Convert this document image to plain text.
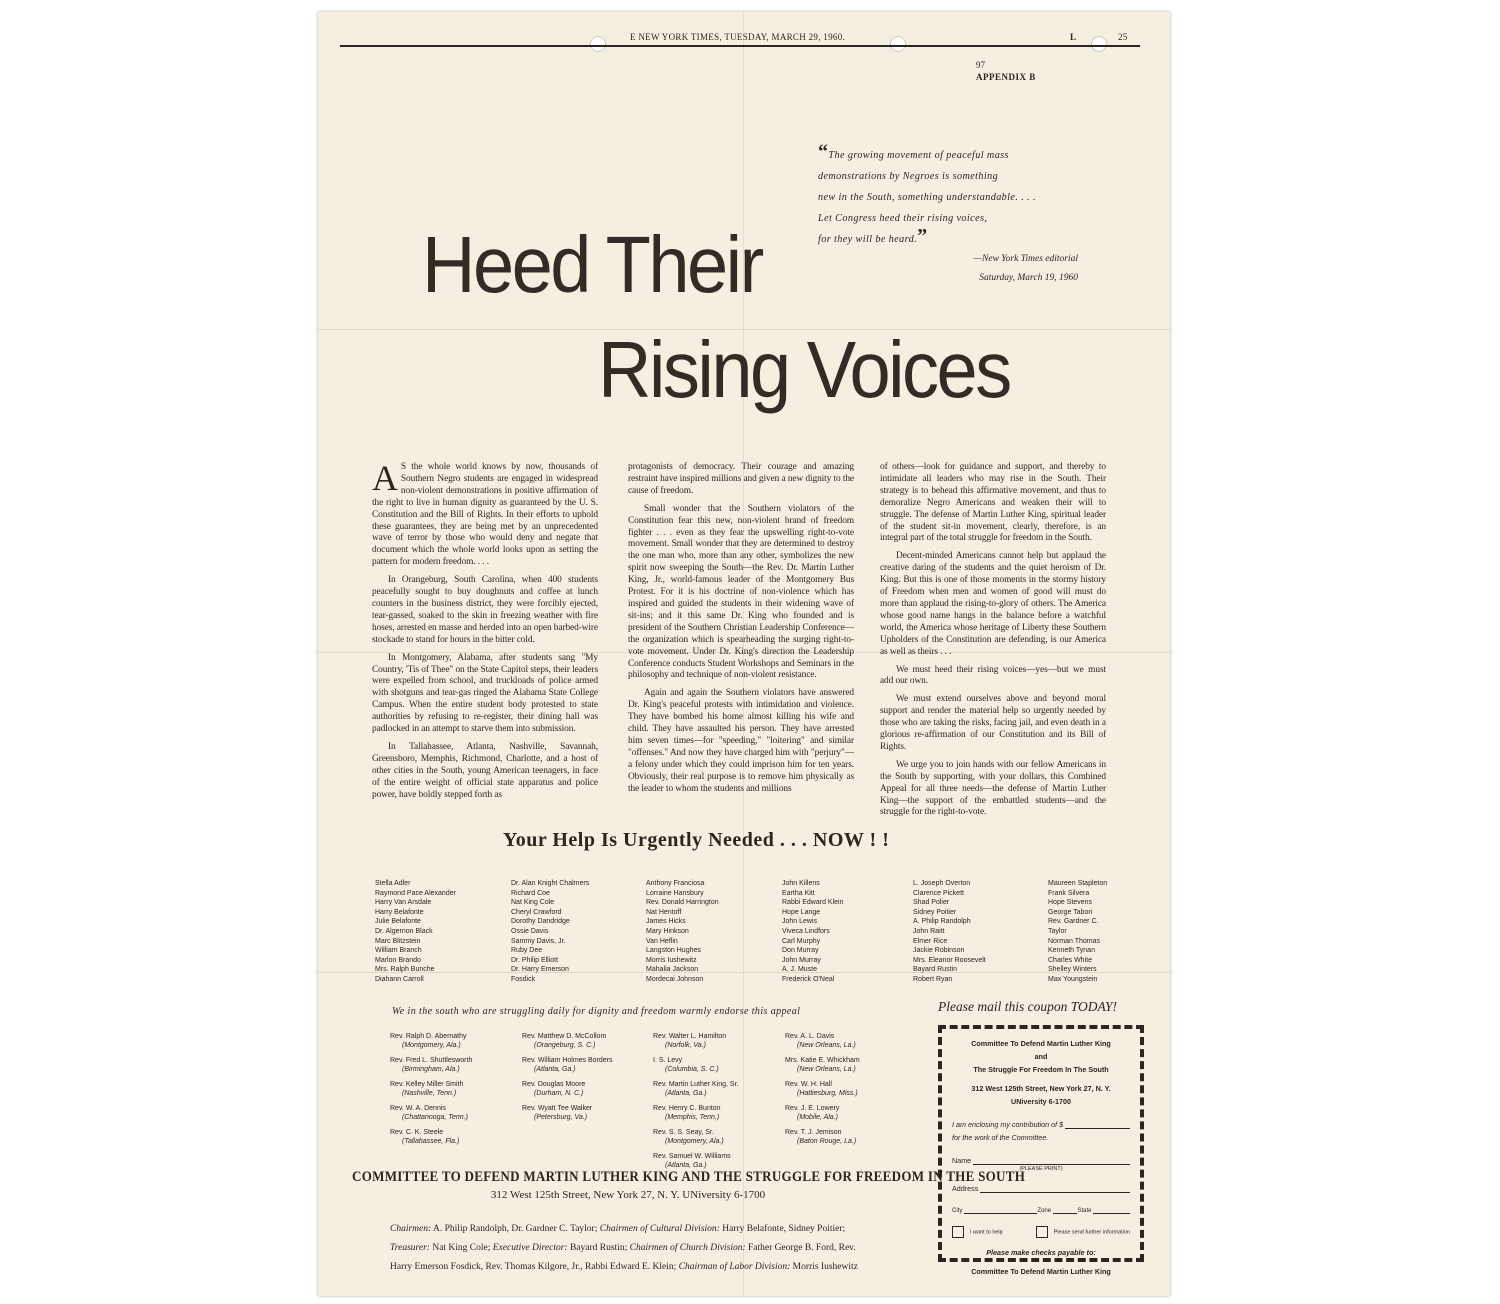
E NEW YORK TIMES, TUESDAY, MARCH 29, 1960.	L	25
97
APPENDIX B
“The growing movement of peaceful mass
demonstrations by Negroes is something
new in the South, something understandable. . . .
Let Congress heed their rising voices,
for they will be heard.”
—New York Times editorial
Saturday, March 19, 1960
Heed Their
Rising Voices

A S the whole world knows by now, thousands of Southern Negro students are engaged in widespread non-violent demonstrations in positive affirmation of the right to live in human dignity as guaranteed by the U. S. Constitution and the Bill of Rights. In their efforts to uphold these guarantees, they are being met by an unprecedented wave of terror by those who would deny and negate that document which the whole world looks upon as setting the pattern for modern freedom. . . .

In Orangeburg, South Carolina, when 400 students peacefully sought to buy doughnuts and coffee at lunch counters in the business district, they were forcibly ejected, tear-gassed, soaked to the skin in freezing weather with fire hoses, arrested en masse and herded into an open barbed-wire stockade to stand for hours in the bitter cold.

In Montgomery, Alabama, after students sang "My Country, 'Tis of Thee" on the State Capitol steps, their leaders were expelled from school, and truckloads of police armed with shotguns and tear-gas ringed the Alabama State College Campus. When the entire student body protested to state authorities by refusing to re-register, their dining hall was padlocked in an attempt to starve them into submission.

In Tallahassee, Atlanta, Nashville, Savannah, Greensboro, Memphis, Richmond, Charlotte, and a host of other cities in the South, young American teenagers, in face of the entire weight of official state apparatus and police power, have boldly stepped forth as

protagonists of democracy. Their courage and amazing restraint have inspired millions and given a new dignity to the cause of freedom.

Small wonder that the Southern violators of the Constitution fear this new, non-violent brand of freedom fighter . . . even as they fear the upswelling right-to-vote movement. Small wonder that they are determined to destroy the one man who, more than any other, symbolizes the new spirit now sweeping the South—the Rev. Dr. Martin Luther King, Jr., world-famous leader of the Montgomery Bus Protest. For it is his doctrine of non-violence which has inspired and guided the students in their widening wave of sit-ins; and it this same Dr. King who founded and is president of the Southern Christian Leadership Conference—the organization which is spearheading the surging right-to-vote movement. Under Dr. King's direction the Leadership Conference conducts Student Workshops and Seminars in the philosophy and technique of non-violent resistance.

Again and again the Southern violators have answered Dr. King's peaceful protests with intimidation and violence. They have bombed his home almost killing his wife and child. They have assaulted his person. They have arrested him seven times—for "speeding," "loitering" and similar "offenses." And now they have charged him with "perjury"—a felony under which they could imprison him for ten years. Obviously, their real purpose is to remove him physically as the leader to whom the students and millions

of others—look for guidance and support, and thereby to intimidate all leaders who may rise in the South. Their strategy is to behead this affirmative movement, and thus to demoralize Negro Americans and weaken their will to struggle. The defense of Martin Luther King, spiritual leader of the student sit-in movement, clearly, therefore, is an integral part of the total struggle for freedom in the South.

Decent-minded Americans cannot help but applaud the creative daring of the students and the quiet heroism of Dr. King. But this is one of those moments in the stormy history of Freedom when men and women of good will must do more than applaud the rising-to-glory of others. The America whose good name hangs in the balance before a watchful world, the America whose heritage of Liberty these Southern Upholders of the Constitution are defending, is our America as well as theirs . . .

We must heed their rising voices—yes—but we must add our own.

We must extend ourselves above and beyond moral support and render the material help so urgently needed by those who are taking the risks, facing jail, and even death in a glorious re-affirmation of our Constitution and its Bill of Rights.

We urge you to join hands with our fellow Americans in the South by supporting, with your dollars, this Combined Appeal for all three needs—the defense of Martin Luther King—the support of the embattled students—and the struggle for the right-to-vote.

Your Help Is Urgently Needed . . . NOW ! !
Stella Adler
Raymond Pace Alexander
Harry Van Arsdale
Harry Belafonte
Julie Belafonte
Dr. Algernon Black
Marc Blitzstein
William Branch
Marlon Brando
Mrs. Ralph Bunche
Diahann Carroll
Dr. Alan Knight Chalmers
Richard Coe
Nat King Cole
Cheryl Crawford
Dorothy Dandridge
Ossie Davis
Sammy Davis, Jr.
Ruby Dee
Dr. Philip Elliott
Dr. Harry Emerson
Fosdick
Anthony Franciosa
Lorraine Hansbury
Rev. Donald Harrington
Nat Hentoff
James Hicks
Mary Hinkson
Van Heflin
Langston Hughes
Morris Iushewitz
Mahalia Jackson
Mordecai Johnson
John Killens
Eartha Kitt
Rabbi Edward Klein
Hope Lange
John Lewis
Viveca Lindfors
Carl Murphy
Don Murray
John Murray
A. J. Muste
Frederick O'Neal
L. Joseph Overton
Clarence Pickett
Shad Polier
Sidney Poitier
A. Philip Randolph
John Raitt
Elmer Rice
Jackie Robinson
Mrs. Eleanor Roosevelt
Bayard Rustin
Robert Ryan
Maureen Stapleton
Frank Silvera
Hope Stevens
George Tabori
Rev. Gardner C.
Taylor
Norman Thomas
Kenneth Tynan
Charles White
Shelley Winters
Max Youngstein
We in the south who are struggling daily for dignity and freedom warmly endorse this appeal
Rev. Ralph D. Abernathy
(Montgomery, Ala.)
Rev. Fred L. Shuttlesworth
(Birmingham, Ala.)
Rev. Kelley Miller Smith
(Nashville, Tenn.)
Rev. W. A. Dennis
(Chattanooga, Tenn.)
Rev. C. K. Steele
(Tallahassee, Fla.)
Rev. Matthew D. McCollom
(Orangeburg, S. C.)
Rev. William Holmes Borders
(Atlanta, Ga.)
Rev. Douglas Moore
(Durham, N. C.)
Rev. Wyatt Tee Walker
(Petersburg, Va.)
Rev. Walter L. Hamilton
(Norfolk, Va.)
I. S. Levy
(Columbia, S. C.)
Rev. Martin Luther King, Sr.
(Atlanta, Ga.)
Rev. Henry C. Bunton
(Memphis, Tenn.)
Rev. S. S. Seay, Sr.
(Montgomery, Ala.)
Rev. Samuel W. Williams
(Atlanta, Ga.)
Rev. A. L. Davis
(New Orleans, La.)
Mrs. Katie E. Whickham
(New Orleans, La.)
Rev. W. H. Hall
(Hattiesburg, Miss.)
Rev. J. E. Lowery
(Mobile, Ala.)
Rev. T. J. Jemison
(Baton Rouge, La.)
COMMITTEE TO DEFEND MARTIN LUTHER KING AND THE STRUGGLE FOR FREEDOM IN THE SOUTH
312 West 125th Street, New York 27, N. Y. UNiversity 6-1700
Chairmen: A. Philip Randolph, Dr. Gardner C. Taylor; Chairmen of Cultural Division: Harry Belafonte, Sidney Poitier; Treasurer: Nat King Cole; Executive Director: Bayard Rustin; Chairmen of Church Division: Father George B. Ford, Rev. Harry Emerson Fosdick, Rev. Thomas Kilgore, Jr., Rabbi Edward E. Klein; Chairman of Labor Division: Morris Iushewitz
Please mail this coupon TODAY!
Committee To Defend Martin Luther King
and
The Struggle For Freedom In The South
312 West 125th Street, New York 27, N. Y.
UNiversity 6-1700
I am enclosing my contribution of $
for the work of the Committee.
Name
(PLEASE PRINT)
Address
City	Zone	State
I want to help	Please send further information
Please make checks payable to:
Committee To Defend Martin Luther King
